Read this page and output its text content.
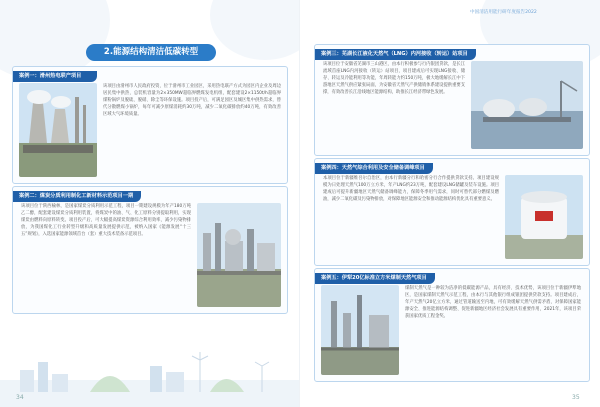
2.能源结构清洁低碳转型
案例一：滑州热电联产项目
该项目由滑州市人民政府投资，位于滑州市工业园区，采用热电联产方式为园区内企业及周边居民集中供热，总装机容量为2×350MW超临界燃煤发电机组，配套建设2×1150t/h超临界煤粉锅炉及脱硫、脱硝、除尘等环保设施。项目投产后，可满足园区及城区集中供热需求，替代分散燃煤小锅炉，每年可减少原煤消耗约30万吨，减少二氧化碳排放约40万吨，有效改善区域大气环境质量。
案例二：煤炭分质利用制化工新材料示范项目一期
该项目位于陕西榆林，是国家煤炭分质利用示范工程，项目一期建设规模为年产180万吨乙二醇，配套建设煤炭分质利用装置，将煤炭中的油、气、化工原料分别提取利用，实现煤炭由燃料向原料转变。项目投产后，可大幅提高煤炭资源综合利用效率，减少污染物排放，为我国煤化工行业转型升级和高质量发展提供示范，被纳入国家《能源发展“十三五”规划》，入选国家能源领域首台（套）重大技术装备示范项目。
34
案例三：芜湖长江液化天然气（LNG）内河接收（转运）站项目
该项目位于安徽省芜湖市三山港区，由本行积极参与行内银团贷款，是长江流域首座LNG内河接收（转运）站项目，项目建成后可实现LNG接收、储存、转运及冷能利用等功能，年周转能力约150万吨，极大地缓解长江中下游地区天然气供应紧张局面，为安徽省天然气产供储销体系建设提供重要支撑，有效改善长江沿线地区能源结构，助推长江经济带绿色发展。
案例四：天然气综合利用及安全储备调峰项目
本项目位于新疆维吾尔自治区，由本行新疆分行和哈密分行合作提供贷款支持。项目建设规模为日处理天然气100万立方米，年产LNG约23万吨，配套建设LNG储罐及装车设施。项目建成后可提升新疆地区天然气储备调峰能力，保障冬季用气需求，同时可替代部分燃煤及燃油，减少二氧化碳及污染物排放，对保障地区能源安全和推动能源结构优化具有重要意义。
案例五：伊犁20亿标准立方米煤制天然气项目
煤制天然气是一种较为洁净的低碳能源产品，具有经济、技术优势，该项目位于新疆伊犁地区，是国家煤制天然气示范工程，由本行与其他银行组成银团提供贷款支持。项目建成后，年产天然气20亿立方米，通过管道输送至内地，可有效缓解天然气供需矛盾，对保障国家能源安全、推进能源结构调整、促进新疆地区经济社会发展具有重要作用，2021年，该项目荣获国家优质工程金奖。
35
中国清洁用能行研年度报告2022
